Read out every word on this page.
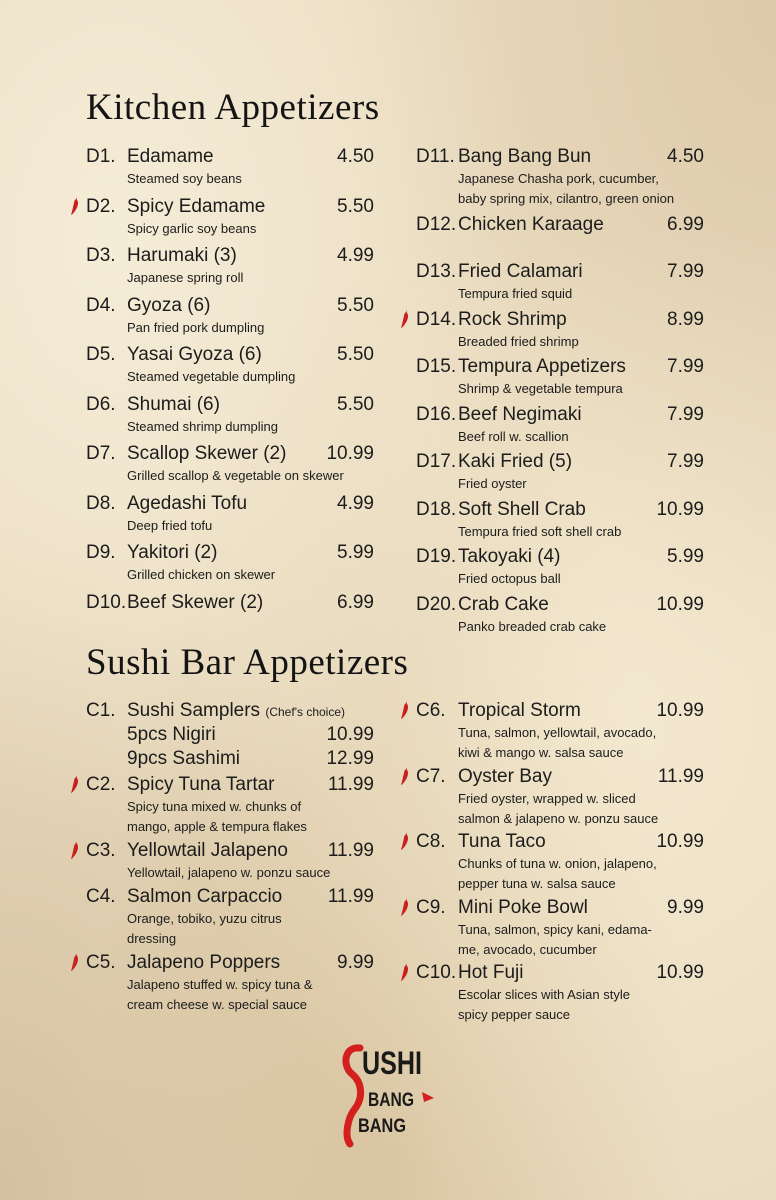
Kitchen Appetizers
D1. Edamame	4.50
Steamed soy beans
D2. Spicy Edamame	5.50
Spicy garlic soy beans
D3. Harumaki (3)	4.99
Japanese spring roll
D4. Gyoza (6)	5.50
Pan fried pork dumpling
D5. Yasai Gyoza (6)	5.50
Steamed vegetable dumpling
D6. Shumai (6)	5.50
Steamed shrimp dumpling
D7. Scallop Skewer (2) 10.99
Grilled scallop & vegetable on skewer
D8. Agedashi Tofu	4.99
Deep fried tofu
D9. Yakitori (2)	5.99
Grilled chicken on skewer
D10. Beef Skewer (2)	6.99
D11. Bang Bang Bun	4.50
Japanese Chasha pork, cucumber,
baby spring mix, cilantro, green onion
D12. Chicken Karaage	6.99
D13. Fried Calamari	7.99
Tempura fried squid
D14. Rock Shrimp	8.99
Breaded fried shrimp
D15. Tempura Appetizers 7.99
Shrimp & vegetable tempura
D16. Beef Negimaki	7.99
Beef roll w. scallion
D17. Kaki Fried (5)	7.99
Fried oyster
D18. Soft Shell Crab	10.99
Tempura fried soft shell crab
D19. Takoyaki (4)	5.99
Fried octopus ball
D20. Crab Cake	10.99
Panko breaded crab cake
Sushi Bar Appetizers
C1. Sushi Samplers (Chef's choice)
5pcs Nigiri	10.99
9pcs Sashimi	12.99
C2. Spicy Tuna Tartar	11.99
Spicy tuna mixed w. chunks of
mango, apple & tempura flakes
C3. Yellowtail Jalapeno 11.99
Yellowtail, jalapeno w. ponzu sauce
C4. Salmon Carpaccio 11.99
Orange, tobiko, yuzu citrus
dressing
C5. Jalapeno Poppers	9.99
Jalapeno stuffed w. spicy tuna &
cream cheese w. special sauce
C6. Tropical Storm	10.99
Tuna, salmon, yellowtail, avocado,
kiwi & mango w. salsa sauce
C7. Oyster Bay	11.99
Fried oyster, wrapped w. sliced
salmon & jalapeno w. ponzu sauce
C8. Tuna Taco	10.99
Chunks of tuna w. onion, jalapeno,
pepper tuna w. salsa sauce
C9. Mini Poke Bowl	9.99
Tuna, salmon, spicy kani, edama-
me, avocado, cucumber
C10. Hot Fuji	10.99
Escolar slices with Asian style
spicy pepper sauce
USHI
BANG
BANG
